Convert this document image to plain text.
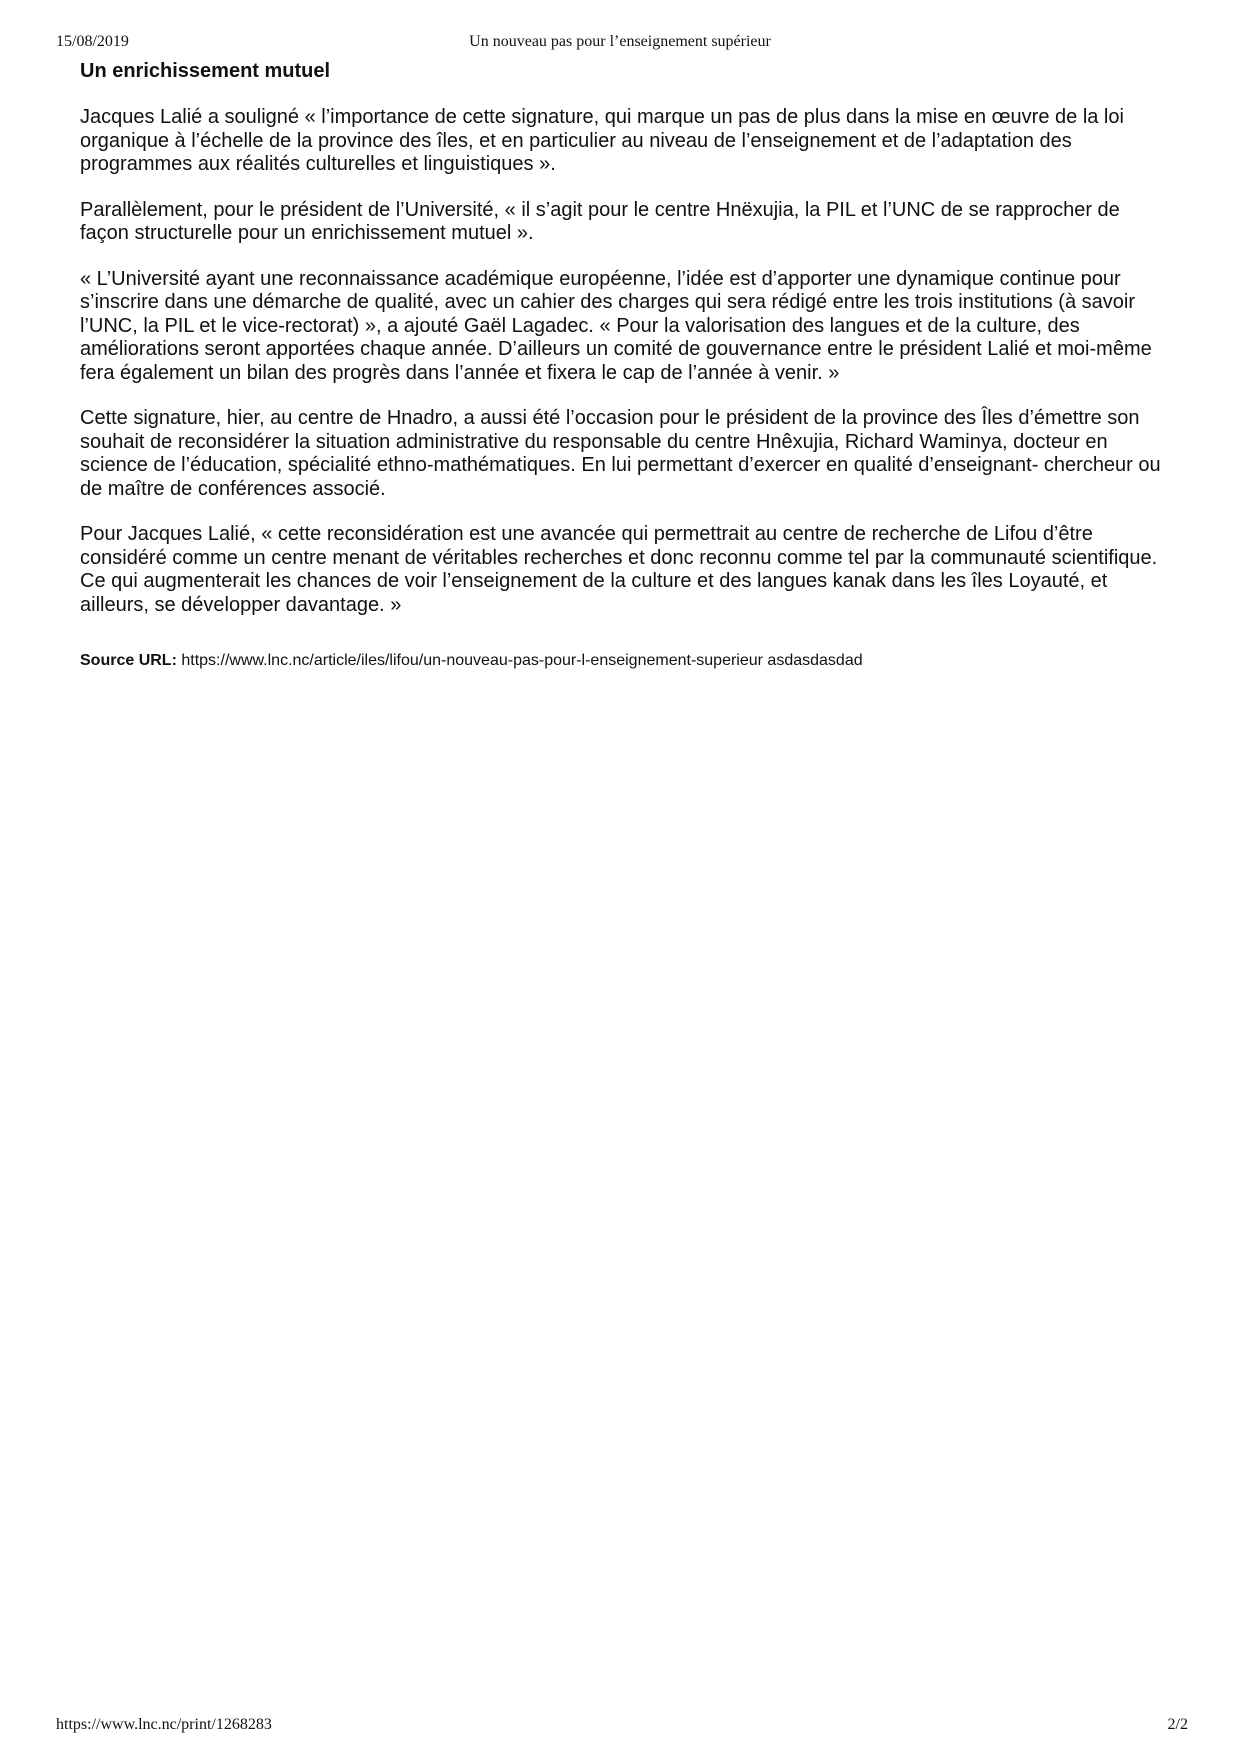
15/08/2019	Un nouveau pas pour l’enseignement supérieur
Un enrichissement mutuel

Jacques Lalié a souligné « l’importance de cette signature, qui marque un pas de plus dans la mise en œuvre de la loi organique à l’échelle de la province des îles, et en particulier au niveau de l’enseignement et de l’adaptation des programmes aux réalités culturelles et linguistiques ».

Parallèlement, pour le président de l’Université, « il s’agit pour le centre Hnëxujia, la PIL et l’UNC de se rapprocher de façon structurelle pour un enrichissement mutuel ».

« L’Université ayant une reconnaissance académique européenne, l’idée est d’apporter une dynamique continue pour s’inscrire dans une démarche de qualité, avec un cahier des charges qui sera rédigé entre les trois institutions (à savoir l’UNC, la PIL et le vice-rectorat) », a ajouté Gaël Lagadec. « Pour la valorisation des langues et de la culture, des améliorations seront apportées chaque année. D’ailleurs un comité de gouvernance entre le président Lalié et moi-même fera également un bilan des progrès dans l’année et fixera le cap de l’année à venir. »

Cette signature, hier, au centre de Hnadro, a aussi été l’occasion pour le président de la province des Îles d’émettre son souhait de reconsidérer la situation administrative du responsable du centre Hnêxujia, Richard Waminya, docteur en science de l’éducation, spécialité ethno-mathématiques. En lui permettant d’exercer en qualité d’enseignant- chercheur ou de maître de conférences associé.

Pour Jacques Lalié, « cette reconsidération est une avancée qui permettrait au centre de recherche de Lifou d’être considéré comme un centre menant de véritables recherches et donc reconnu comme tel par la communauté scientifique. Ce qui augmenterait les chances de voir l’enseignement de la culture et des langues kanak dans les îles Loyauté, et ailleurs, se développer davantage. »

Source URL: https://www.lnc.nc/article/iles/lifou/un-nouveau-pas-pour-l-enseignement-superieur asdasdasdad
https://www.lnc.nc/print/1268283	2/2
